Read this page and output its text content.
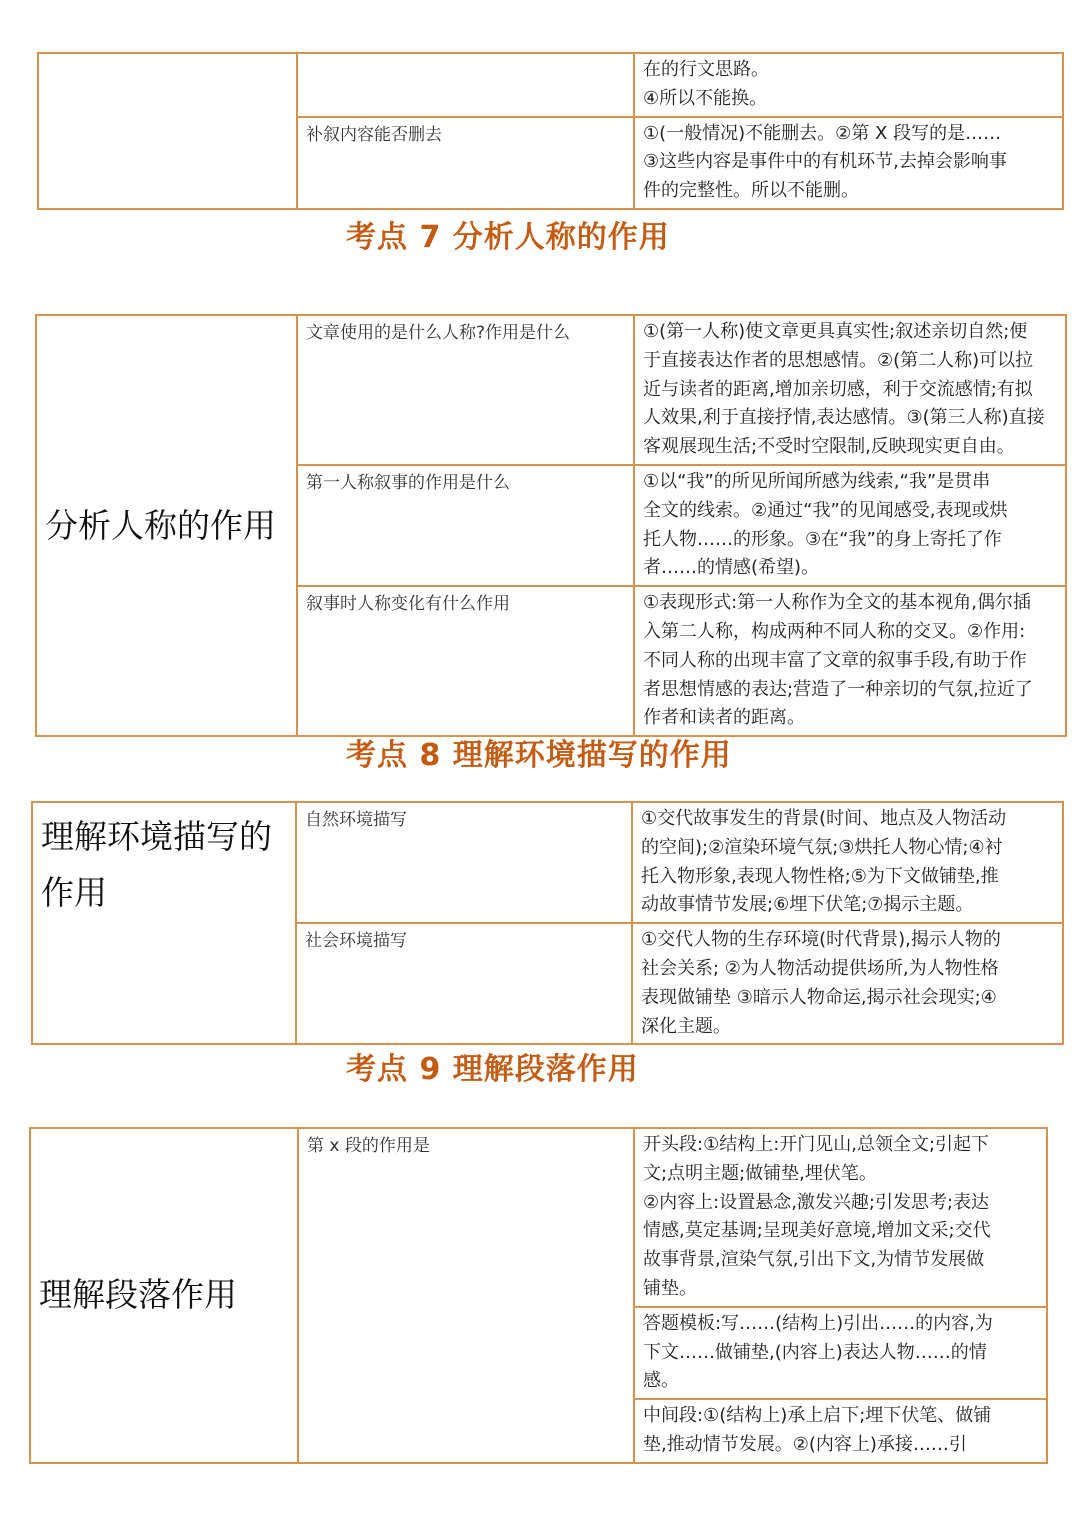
		在的行文思路。
④所以不能换。

	补叙内容能否删去	①(一般情况)不能删去。②第 X 段写的是……
③这些内容是事件中的有机环节,去掉会影响事
件的完整性。所以不能删。
考点 7 分析人称的作用
分析人称的作用	文章使用的是什么人称?作用是什么	①(第一人称)使文章更具真实性;叙述亲切自然;便
于直接表达作者的思想感情。②(第二人称)可以拉
近与读者的距离,增加亲切感，利于交流感情;有拟
人效果,利于直接抒情,表达感情。③(第三人称)直接
客观展现生活;不受时空限制,反映现实更自由。

	第一人称叙事的作用是什么	①以“我”的所见所闻所感为线索,“我”是贯串
全文的线索。②通过“我”的见闻感受,表现或烘
托人物……的形象。③在“我”的身上寄托了作
者……的情感(希望)。

	叙事时人称变化有什么作用	①表现形式:第一人称作为全文的基本视角,偶尔插
入第二人称，构成两种不同人称的交叉。②作用:
不同人称的出现丰富了文章的叙事手段,有助于作
者思想情感的表达;营造了一种亲切的气氛,拉近了
作者和读者的距离。
考点 8 理解环境描写的作用
理解环境描写的
作用	自然环境描写	①交代故事发生的背景(时间、地点及人物活动
的空间);②渲染环境气氛;③烘托人物心情;④衬
托入物形象,表现人物性格;⑤为下文做铺垫,推
动故事情节发展;⑥埋下伏笔;⑦揭示主题。

	社会环境描写	①交代人物的生存环境(时代背景),揭示人物的
社会关系; ②为人物活动提供场所,为人物性格
表现做铺垫 ③暗示人物命运,揭示社会现实;④
深化主题。
考点 9 理解段落作用
理解段落作用	第 x 段的作用是	开头段:①结构上:开门见山,总领全文;引起下
文;点明主题;做铺垫,埋伏笔。
②内容上:设置悬念,激发兴趣;引发思考;表达
情感,莫定基调;呈现美好意境,增加文采;交代
故事背景,渲染气氛,引出下文,为情节发展做
铺垫。

答题模板:写……(结构上)引出……的内容,为
下文……做铺垫,(内容上)表达人物……的情
感。

中间段:①(结构上)承上启下;埋下伏笔、做铺
垫,推动情节发展。②(内容上)承接……引
